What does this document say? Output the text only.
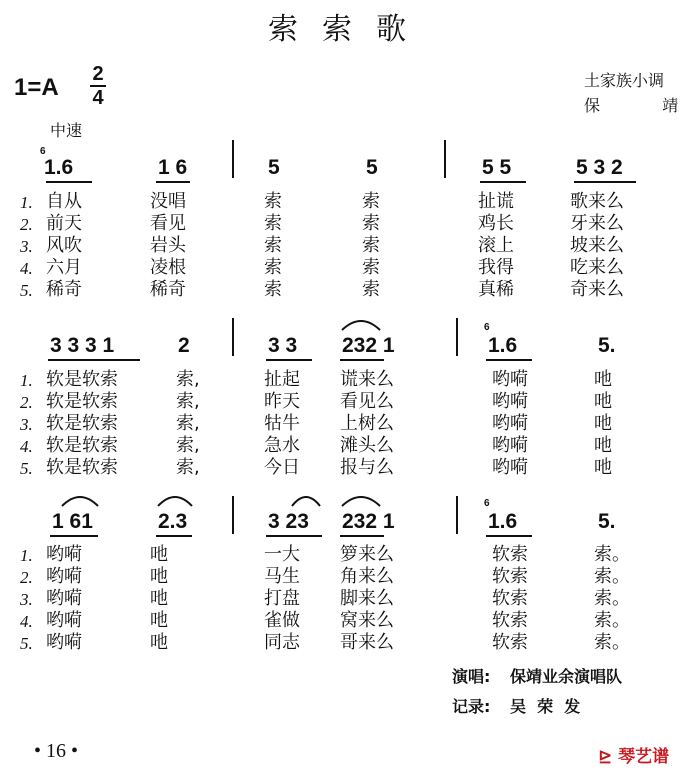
索索歌
1=A 2
4
中速
土家族小调
保	靖
6
1.6	1 6	5	5	5 5	5 3 2
1. 自从	没唱	索	索	扯谎	歌来么
2. 前天	看见	索	索	鸡长	牙来么
3. 风吹	岩头	索	索	滚上	坡来么
4. 六月	凌根	索	索	我得	吃来么
5. 稀奇	稀奇	索	索	真稀	奇来么
6
3 3 3 1	2	3 3 232 1	1.6	5.
1. 软是软索	索,	扯起 谎来么	哟嗬	吔
2. 软是软索	索,	昨天 看见么	哟嗬	吔
3. 软是软索	索,	牯牛 上树么	哟嗬	吔
4. 软是软索	索,	急水 滩头么	哟嗬	吔
5. 软是软索	索,	今日 报与么	哟嗬	吔
6
1 61	2.3	3 23 232 1	1.6	5.
1. 哟嗬	吔	一大 箩来么	软索	索。
2. 哟嗬	吔	马生 角来么	软索	索。
3. 哟嗬	吔	打盘 脚来么	软索	索。
4. 哟嗬	吔	雀做 窝来么	软索	索。
5. 哟嗬	吔	同志 哥来么	软索	索。
演唱: 保靖业余演唱队
记录: 吴  荣  发
• 16 •	⊵ 琴艺谱
